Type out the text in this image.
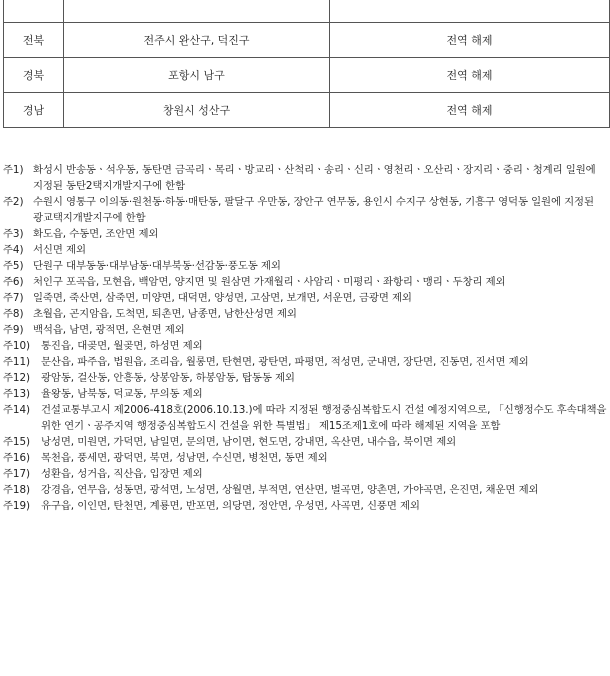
전북	전주시 완산구, 덕진구	전역 해제
경북	포항시 남구	전역 해제
경남	창원시 성산구	전역 해제
주1) 화성시 반송동ㆍ석우동, 동탄면 금곡리ㆍ목리ㆍ방교리ㆍ산척리ㆍ송리ㆍ신리ㆍ영천리ㆍ오산리ㆍ장지리ㆍ중리ㆍ청계리 일원에 지정된 동탄2택지개발지구에 한함
주2) 수원시 영통구 이의동·원천동·하동·매탄동, 팔달구 우만동, 장안구 연무동, 용인시 수지구 상현동, 기흥구 영덕동 일원에 지정된 광교택지개발지구에 한함
주3) 화도읍, 수동면, 조안면 제외
주4) 서신면 제외
주5) 단원구 대부동동·대부남동·대부북동·선감동·풍도동 제외
주6) 처인구 포곡읍, 모현읍, 백암면, 양지면 및 원삼면 가재월리ㆍ사암리ㆍ미평리ㆍ좌항리ㆍ맹리ㆍ두창리 제외
주7) 일죽면, 죽산면, 삼죽면, 미양면, 대덕면, 양성면, 고삼면, 보개면, 서운면, 금광면 제외
주8) 초월읍, 곤지암읍, 도척면, 퇴촌면, 남종면, 남한산성면 제외
주9) 백석읍, 남면, 광적면, 은현면 제외
주10)	통진읍, 대곶면, 월곶면, 하성면 제외
주11)	문산읍, 파주읍, 법원읍, 조리읍, 월롱면, 탄현면, 광탄면, 파평면, 적성면, 군내면, 장단면, 진동면, 진서면 제외
주12)	광암동, 걸산동, 안흥동, 상봉암동, 하봉암동, 탑동동 제외
주13)	율왕동, 남북동, 덕교동, 무의동 제외
주14)	건설교통부고시 제2006-418호(2006.10.13.)에 따라 지정된 행정중심복합도시 건설 예정지역으로, 「신행정수도 후속대책을 위한 연기ㆍ공주지역 행정중심복합도시 건설을 위한 특별법」 제15조제1호에 따라 해제된 지역을 포함
주15)	낭성면, 미원면, 가덕면, 남일면, 문의면, 남이면, 현도면, 강내면, 옥산면, 내수읍, 북이면 제외
주16)	목천읍, 풍세면, 광덕면, 북면, 성남면, 수신면, 병천면, 동면 제외
주17)	성환읍, 성거읍, 직산읍, 입장면 제외
주18)	강경읍, 연무읍, 성동면, 광석면, 노성면, 상월면, 부적면, 연산면, 벌곡면, 양촌면, 가야곡면, 은진면, 채운면 제외
주19)	유구읍, 이인면, 탄천면, 계룡면, 반포면, 의당면, 정안면, 우성면, 사곡면, 신풍면 제외
